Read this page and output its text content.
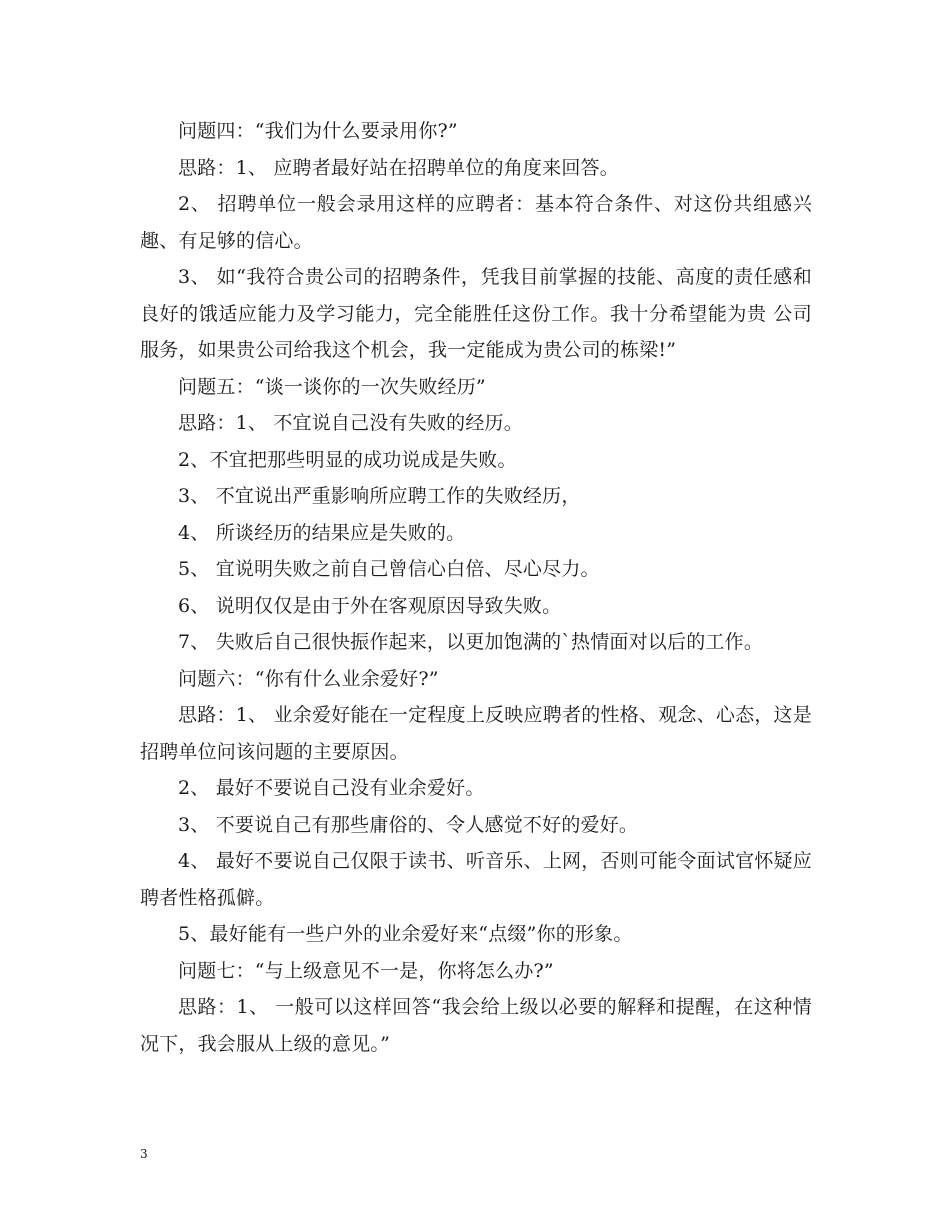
问题四：“我们为什么要录用你?”

思路：1、 应聘者最好站在招聘单位的角度来回答。

2、 招聘单位一般会录用这样的应聘者：基本符合条件、对这份共组感兴趣、有足够的信心。

3、 如“我符合贵公司的招聘条件，凭我目前掌握的技能、高度的责任感和良好的饿适应能力及学习能力，完全能胜任这份工作。我十分希望能为贵 公司服务，如果贵公司给我这个机会，我一定能成为贵公司的栋梁!”

问题五：“谈一谈你的一次失败经历”

思路：1、 不宜说自己没有失败的经历。

2、不宜把那些明显的成功说成是失败。

3、 不宜说出严重影响所应聘工作的失败经历，

4、 所谈经历的结果应是失败的。

5、 宜说明失败之前自己曾信心白倍、尽心尽力。

6、 说明仅仅是由于外在客观原因导致失败。

7、 失败后自己很快振作起来，以更加饱满的`热情面对以后的工作。

问题六：“你有什么业余爱好?”

思路：1、 业余爱好能在一定程度上反映应聘者的性格、观念、心态，这是招聘单位问该问题的主要原因。

2、 最好不要说自己没有业余爱好。

3、 不要说自己有那些庸俗的、令人感觉不好的爱好。

4、 最好不要说自己仅限于读书、听音乐、上网，否则可能令面试官怀疑应聘者性格孤僻。

5、最好能有一些户外的业余爱好来“点缀”你的形象。

问题七：“与上级意见不一是，你将怎么办?”

思路：1、 一般可以这样回答“我会给上级以必要的解释和提醒，在这种情况下，我会服从上级的意见。”

3
